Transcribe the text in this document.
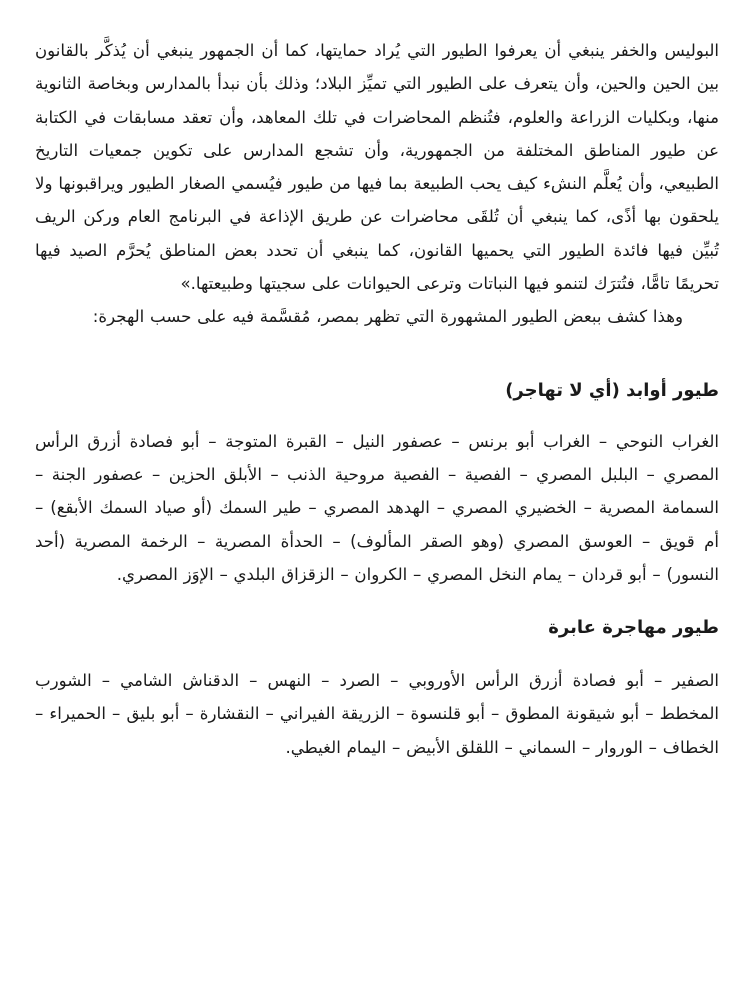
البوليس والخفر ينبغي أن يعرفوا الطيور التي يُراد حمايتها، كما أن الجمهور ينبغي أن يُذكَّر بالقانون بين الحين والحين، وأن يتعرف على الطيور التي تميِّز البلاد؛ وذلك بأن نبدأ بالمدارس وبخاصة الثانوية منها، وبكليات الزراعة والعلوم، فتُنظم المحاضرات في تلك المعاهد، وأن تعقد مسابقات في الكتابة عن طيور المناطق المختلفة من الجمهورية، وأن تشجع المدارس على تكوين جمعيات التاريخ الطبيعي، وأن يُعلَّم النشء كيف يحب الطبيعة بما فيها من طيور فيُسمي الصغار الطيور ويراقبونها ولا يلحقون بها أذًى، كما ينبغي أن تُلقَى محاضرات عن طريق الإذاعة في البرنامج العام وركن الريف تُبيِّن فيها فائدة الطيور التي يحميها القانون، كما ينبغي أن تحدد بعض المناطق يُحرَّم الصيد فيها تحريمًا تامًّا، فتُترَك لتنمو فيها النباتات وترعى الحيوانات على سجيتها وطبيعتها.»

وهذا كشف ببعض الطيور المشهورة التي تظهر بمصر، مُقسَّمة فيه على حسب الهجرة:

طيور أوابد (أي لا تهاجر)

الغراب النوحي – الغراب أبو برنس – عصفور النيل – القبرة المتوجة – أبو فصادة أزرق الرأس المصري – البلبل المصري – الفصية – الفصية مروحية الذنب – الأبلق الحزين – عصفور الجنة – السمامة المصرية – الخضيري المصري – الهدهد المصري – طير السمك (أو صياد السمك الأبقع) – أم قويق – العوسق المصري (وهو الصقر المألوف) – الحدأة المصرية – الرخمة المصرية (أحد النسور) – أبو قردان – يمام النخل المصري – الكروان – الزقزاق البلدي – الإوَز المصري.

طيور مهاجرة عابرة

الصفير – أبو فصادة أزرق الرأس الأوروبي – الصرد – النهس – الدقناش الشامي – الشورب المخطط – أبو شيقونة المطوق – أبو قلنسوة – الزريقة الفيراني – النقشارة – أبو بليق – الحميراء – الخطاف – الوروار – السماني – اللقلق الأبيض – اليمام الغيطي.
